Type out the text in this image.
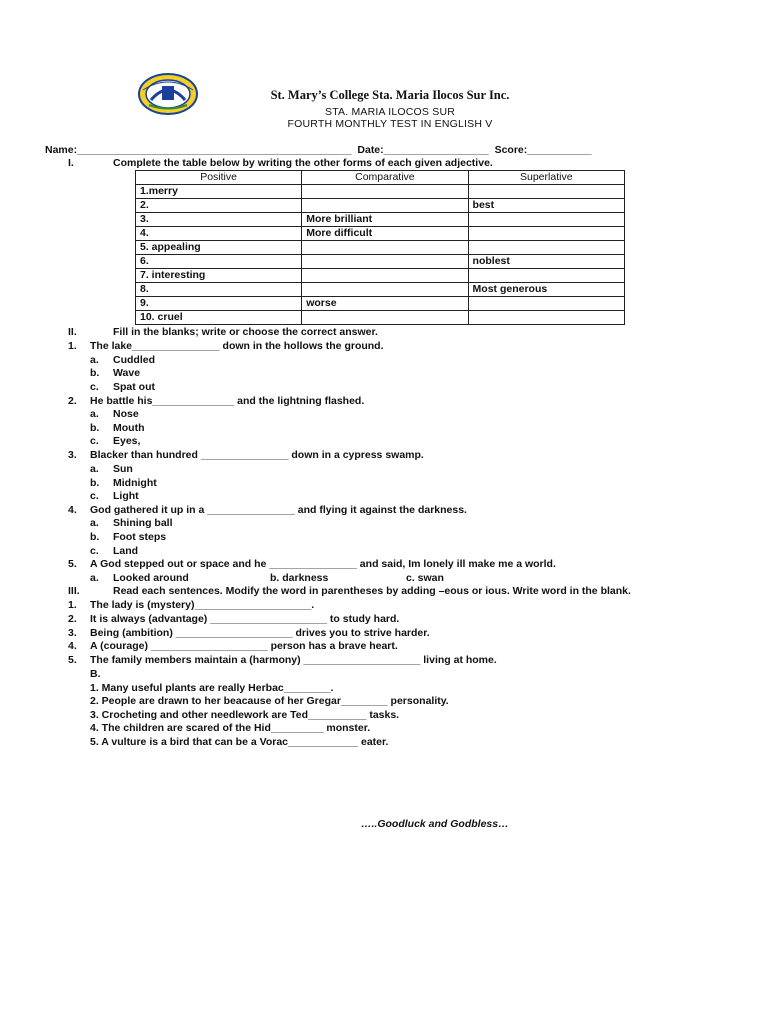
St. Mary’s College Sta. Maria Ilocos Sur Inc.
STA. MARIA ILOCOS SUR
FOURTH MONTHLY TEST IN ENGLISH V
Name:_______________________________________________  Date:__________________  Score:___________
I.	Complete the table below by writing the other forms of each given adjective.
Positive	Comparative	Superlative
1.merry		
2.		best
3.	More brilliant	
4.	More difficult	
5. appealing		
6.		noblest
7. interesting		
8.		Most generous
9.	worse	
10. cruel		
II.	Fill in the blanks; write or choose the correct answer.
1. The lake_______________ down in the hollows the ground.
a. Cuddled
b. Wave
c. Spat out
2. He battle his______________ and the lightning flashed.
a. Nose
b. Mouth
c. Eyes,
3. Blacker than hundred _______________ down in a cypress swamp.
a. Sun
b. Midnight
c. Light
4. God gathered it up in a _______________ and flying it against the darkness.
a. Shining ball
b. Foot steps
c. Land
5. A God stepped out or space and he _______________ and said, Im lonely ill make me a world.
a. Looked around	b. darkness	c. swan
III.	Read each sentences. Modify the word in parentheses by adding –eous or ious. Write word in the blank.
1. The lady is (mystery)____________________.
2. It is always (advantage) ____________________ to study hard.
3. Being (ambition) ____________________ drives you to strive harder.
4. A (courage) ____________________ person has a brave heart.
5. The family members maintain a (harmony) ____________________ living at home.
B.
1. Many useful plants are really Herbac________.
2. People are drawn to her beacause of her Gregar________ personality.
3. Crocheting and other needlework are Ted__________ tasks.
4. The children are scared of the Hid_________ monster.
5. A vulture is a bird that can be a Vorac____________ eater.
…..Goodluck and Godbless…
